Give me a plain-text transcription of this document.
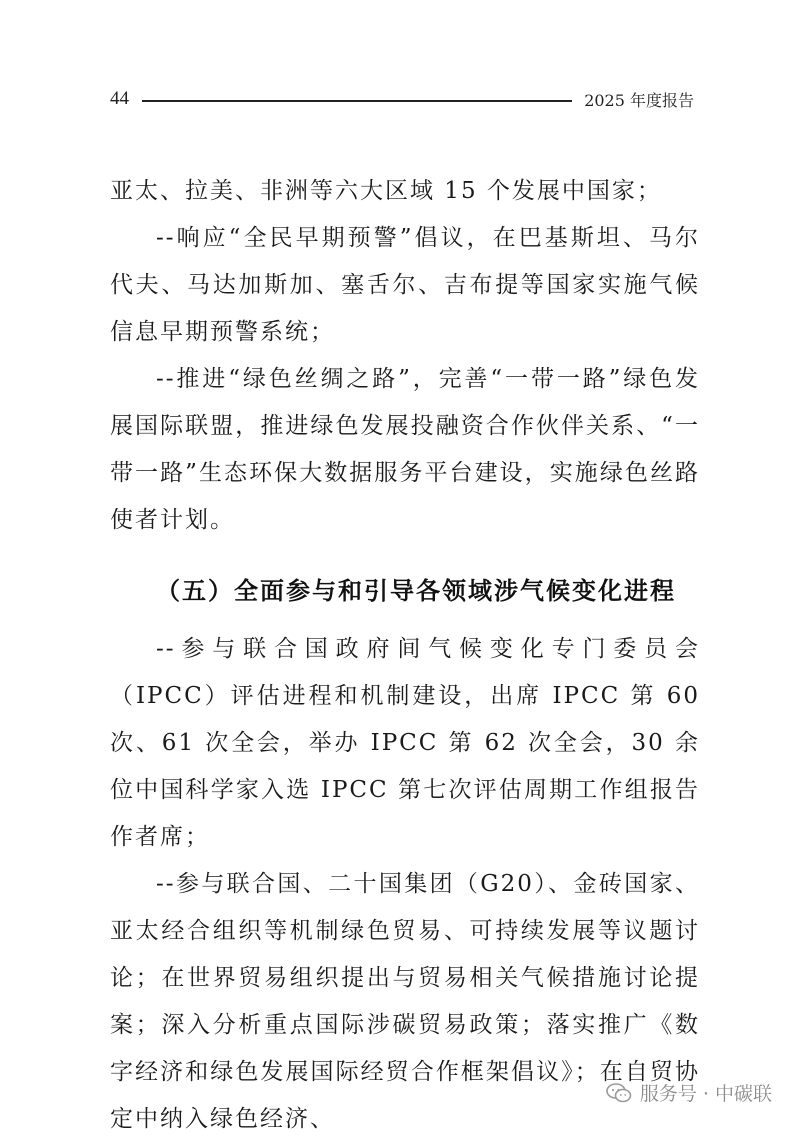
44	2025 年度报告

亚太、拉美、非洲等六大区域 15 个发展中国家；

--响应“全民早期预警”倡议，在巴基斯坦、马尔代夫、马达加斯加、塞舌尔、吉布提等国家实施气候信息早期预警系统；

--推进“绿色丝绸之路”，完善“一带一路”绿色发展国际联盟，推进绿色发展投融资合作伙伴关系、“一带一路”生态环保大数据服务平台建设，实施绿色丝路使者计划。

（五）全面参与和引导各领域涉气候变化进程

--参与联合国政府间气候变化专门委员会（IPCC）评估进程和机制建设，出席 IPCC 第 60 次、61 次全会，举办 IPCC 第 62 次全会，30 余位中国科学家入选 IPCC 第七次评估周期工作组报告作者席；

--参与联合国、二十国集团（G20）、金砖国家、亚太经合组织等机制绿色贸易、可持续发展等议题讨论；在世界贸易组织提出与贸易相关气候措施讨论提案；深入分析重点国际涉碳贸易政策；落实推广《数字经济和绿色发展国际经贸合作框架倡议》；在自贸协定中纳入绿色经济、

服务号 · 中碳联
